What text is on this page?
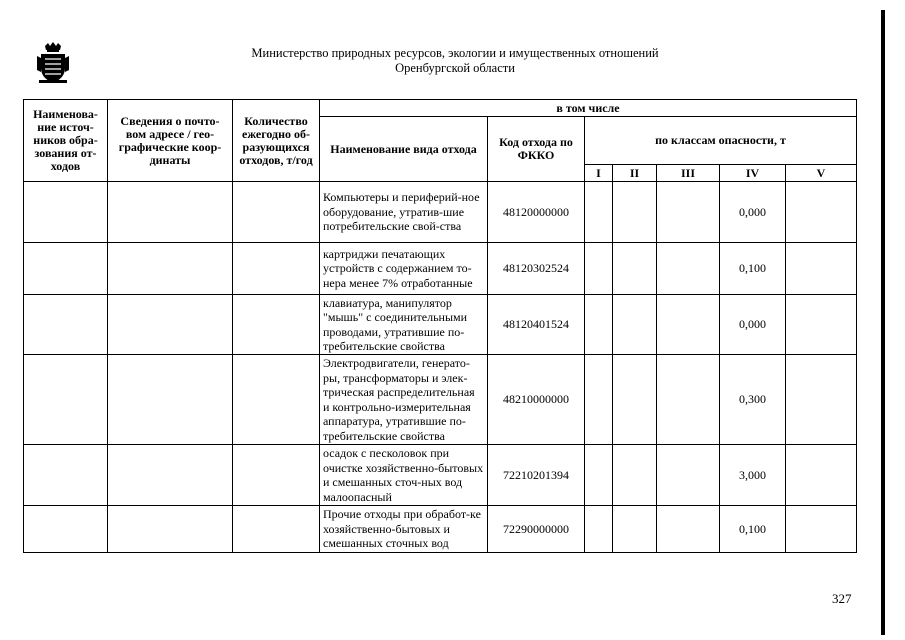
Министерство природных ресурсов, экологии и имущественных отношений
Оренбургской области
Наименова-ние источ-ников обра-зования от-ходов	Сведения о почто-вом адресе / гео-графические коор-динаты	Количество ежегодно об-разующихся отходов, т/год	в том числе						
			Наименование вида отхода	Код отхода по ФККО	по классам опасности, т				
					I	II	III	IV	V
			Компьютеры и периферий-ное оборудование, утратив-шие потребительские свой-ства	48120000000				0,000	
			картриджи печатающих устройств с содержанием то-нера менее 7% отработанные	48120302524				0,100	
			клавиатура, манипулятор "мышь" с соединительными проводами, утратившие по-требительские свойства	48120401524				0,000	
			Электродвигатели, генерато-ры, трансформаторы и элек-трическая распределительная и контрольно-измерительная аппаратура, утратившие по-требительские свойства	48210000000				0,300	
			осадок с песколовок при очистке хозяйственно-бытовых и смешанных сточ-ных вод малоопасный	72210201394				3,000	
			Прочие отходы при обработ-ке хозяйственно-бытовых и смешанных сточных вод	72290000000				0,100	
327
